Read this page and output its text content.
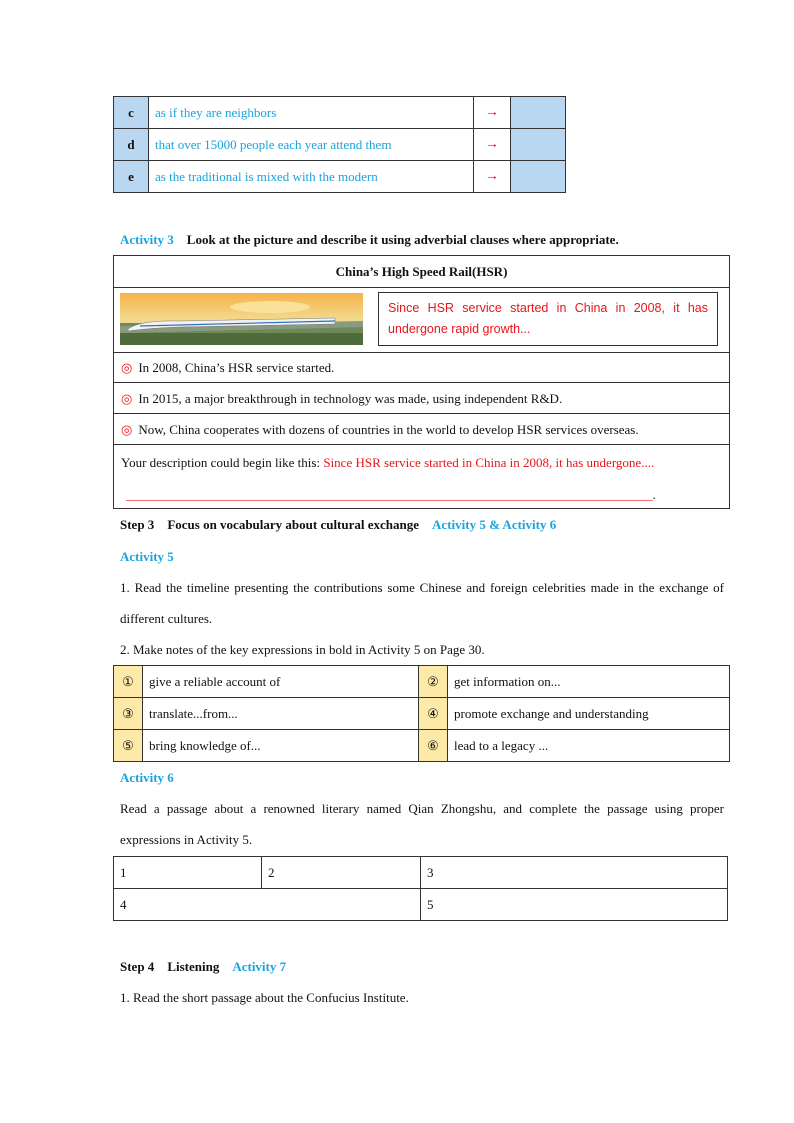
c	as if they are neighbors	→	
d	that over 15000 people each year attend them	→	
e	as the traditional is mixed with the modern	→	
Activity 3 Look at the picture and describe it using adverbial clauses where appropriate.
China’s High Speed Rail(HSR)
Since HSR service started in China in 2008, it has undergone rapid growth...
◎ In 2008, China’s HSR service started.
◎ In 2015, a major breakthrough in technology was made, using independent R&D.
◎ Now, China cooperates with dozens of countries in the world to develop HSR services overseas.
Your description could begin like this: Since HSR service started in China in 2008, it has undergone....
_________________________________________________________________________________.
Step 3 Focus on vocabulary about cultural exchange Activity 5 & Activity 6
Activity 5
1. Read the timeline presenting the contributions some Chinese and foreign celebrities made in the exchange of different cultures.
2. Make notes of the key expressions in bold in Activity 5 on Page 30.
①	give a reliable account of	②	get information on...
③	translate...from...	④	promote exchange and understanding
⑤	bring knowledge of...	⑥	lead to a legacy ...
Activity 6
Read a passage about a renowned literary named Qian Zhongshu, and complete the passage using proper expressions in Activity 5.
1	2	3
4		5
Step 4 Listening Activity 7
1. Read the short passage about the Confucius Institute.
